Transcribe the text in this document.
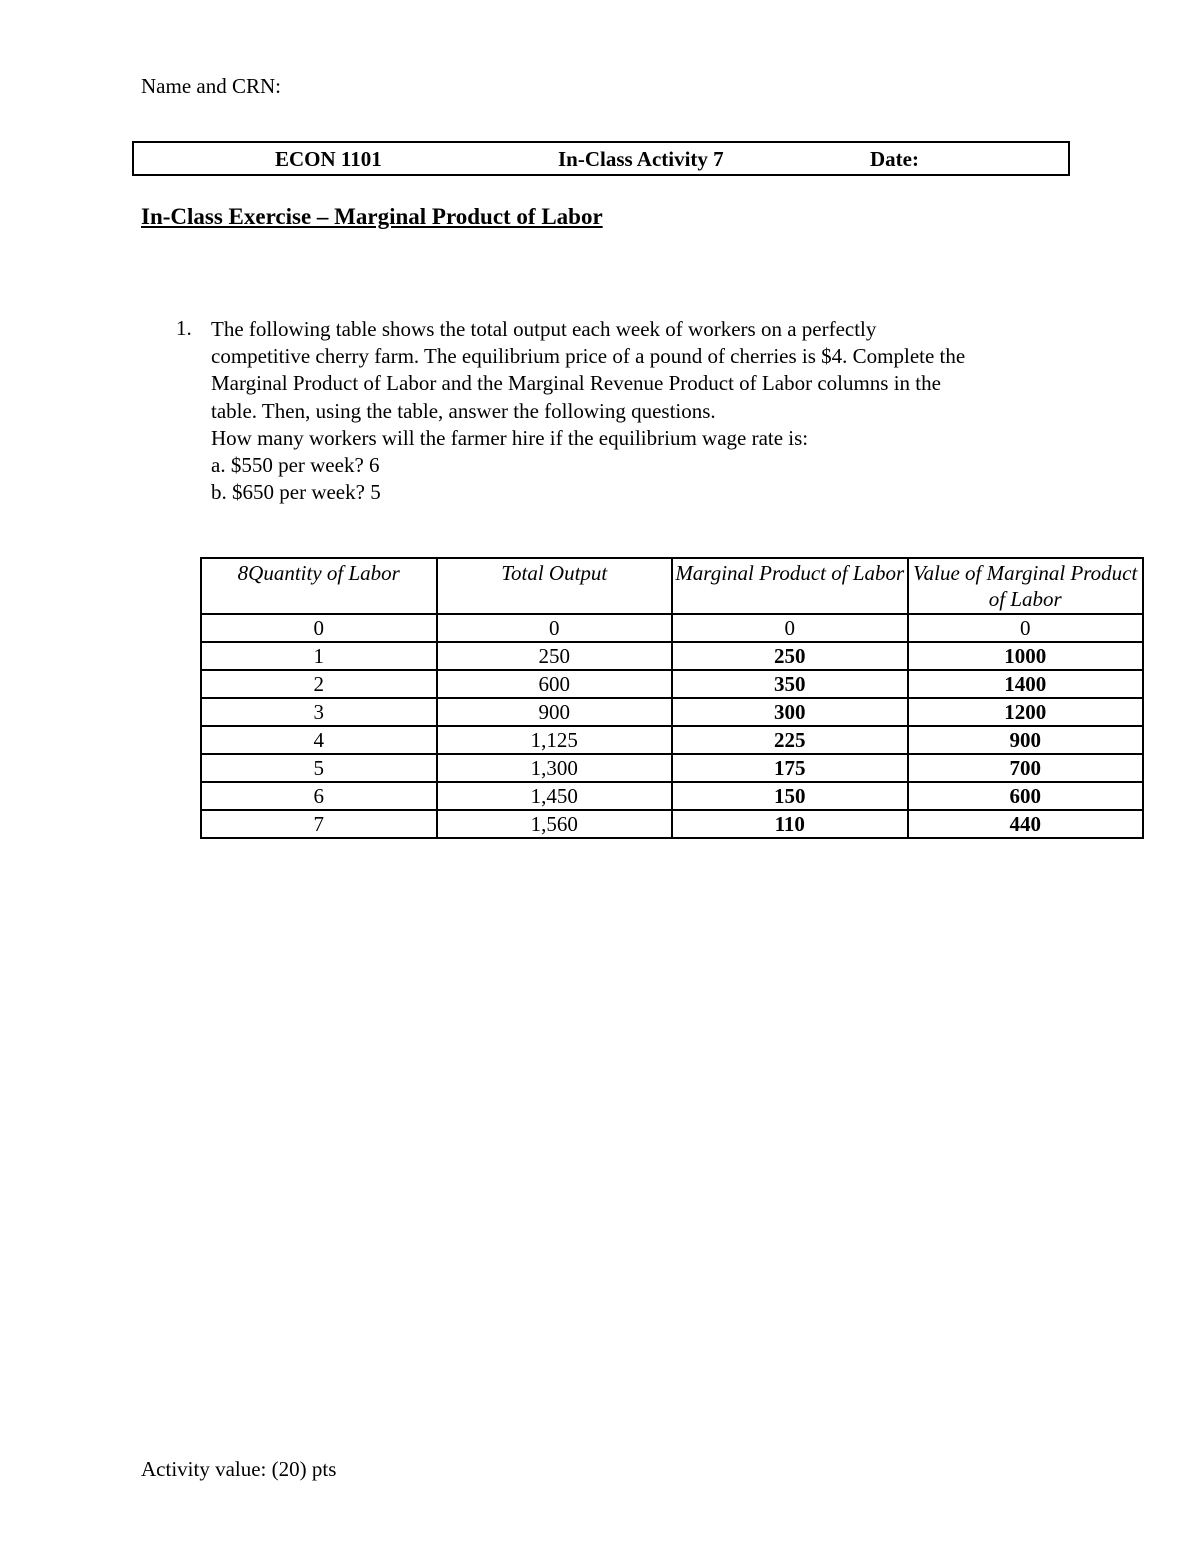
Name and CRN:
ECON 1101	In-Class Activity 7	Date:
In-Class Exercise – Marginal Product of Labor
1. The following table shows the total output each week of workers on a perfectly
competitive cherry farm. The equilibrium price of a pound of cherries is $4. Complete the
Marginal Product of Labor and the Marginal Revenue Product of Labor columns in the
table. Then, using the table, answer the following questions.
How many workers will the farmer hire if the equilibrium wage rate is:
a. $550 per week? 6
b. $650 per week? 5
8Quantity of Labor	Total Output	Marginal Product of Labor	Value of Marginal Product of Labor
0	0	0	0
1	250	250	1000
2	600	350	1400
3	900	300	1200
4	1,125	225	900
5	1,300	175	700
6	1,450	150	600
7	1,560	110	440
Activity value: (20) pts
